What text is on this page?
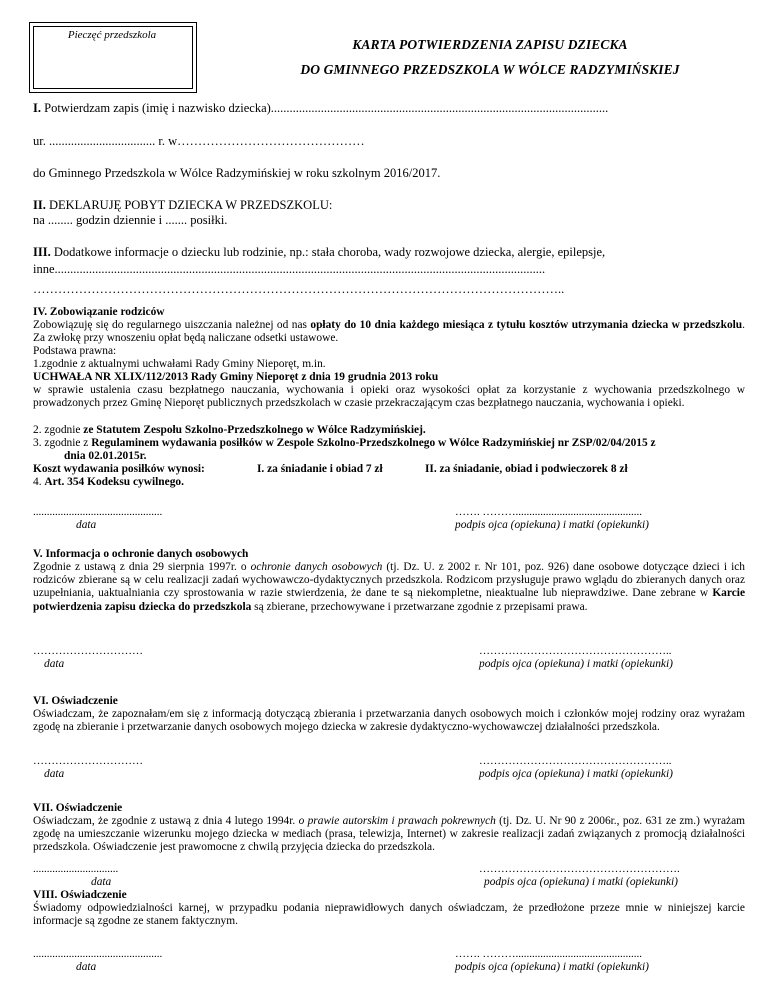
Pieczęć przedszkola
KARTA POTWIERDZENIA ZAPISU DZIECKA
DO GMINNEGO PRZEDSZKOLA W WÓLCE RADZYMIŃSKIEJ
I. Potwierdzam zapis (imię i nazwisko dziecka)............................................................................................................
ur. .................................. r. w………………………………………
do Gminnego Przedszkola w Wólce Radzymińskiej w roku szkolnym 2016/2017.
II. DEKLARUJĘ POBYT DZIECKA W PRZEDSZKOLU:
na ........ godzin dziennie i ....... posiłki.
III. Dodatkowe informacje o dziecku lub rodzinie, np.: stała choroba, wady rozwojowe dziecka, alergie, epilepsje,
inne.............................................................................................................................................................
………………………………………………………………………………………………………………..
IV. Zobowiązanie rodziców
Zobowiązuję się do regularnego uiszczania należnej od nas opłaty do 10 dnia każdego miesiąca z tytułu kosztów utrzymania dziecka w przedszkolu. Za zwłokę przy wnoszeniu opłat będą naliczane odsetki ustawowe.
Podstawa prawna:
1.zgodnie z aktualnymi uchwałami Rady Gminy Nieporęt, m.in.
UCHWAŁA NR XLIX/112/2013 Rady Gminy Nieporęt z dnia 19 grudnia 2013 roku
w sprawie ustalenia czasu bezpłatnego nauczania, wychowania i opieki oraz wysokości opłat za korzystanie z wychowania przedszkolnego w prowadzonych przez Gminę Nieporęt publicznych przedszkolach w czasie przekraczającym czas bezpłatnego nauczania, wychowania i opieki.
2. zgodnie ze Statutem Zespołu Szkolno-Przedszkolnego w Wólce Radzymińskiej.
3. zgodnie z Regulaminem wydawania posiłków w Zespole Szkolno-Przedszkolnego w Wólce Radzymińskiej nr ZSP/02/04/2015 z
dnia 02.01.2015r.
Koszt wydawania posiłków wynosi:	I. za śniadanie i obiad 7 zł	II. za śniadanie, obiad i podwieczorek 8 zł
4. Art. 354 Kodeksu cywilnego.
...............................................
data
……. ………..............................................
podpis ojca (opiekuna) i matki (opiekunki)
V. Informacja o ochronie danych osobowych
Zgodnie z ustawą z dnia 29 sierpnia 1997r. o ochronie danych osobowych (tj. Dz. U. z 2002 r. Nr 101, poz. 926) dane osobowe dotyczące dzieci i ich rodziców zbierane są w celu realizacji zadań wychowawczo-dydaktycznych przedszkola. Rodzicom przysługuje prawo wglądu do zbieranych danych oraz uzupełniania, uaktualniania czy sprostowania w razie stwierdzenia, że dane te są niekompletne, nieaktualne lub nieprawdziwe. Dane zebrane w Karcie potwierdzenia zapisu dziecka do przedszkola są zbierane, przechowywane i przetwarzane zgodnie z przepisami prawa.
…………………………
data
……………………………………………..
podpis ojca (opiekuna) i matki (opiekunki)
VI. Oświadczenie
Oświadczam, że zapoznałam/em się z informacją dotyczącą zbierania i przetwarzania danych osobowych moich i członków mojej rodziny oraz wyrażam zgodę na zbieranie i przetwarzanie danych osobowych mojego dziecka w zakresie dydaktyczno-wychowawczej działalności przedszkola.
…………………………
data
……………………………………………..
podpis ojca (opiekuna) i matki (opiekunki)
VII. Oświadczenie
Oświadczam, że zgodnie z ustawą z dnia 4 lutego 1994r. o prawie autorskim i prawach pokrewnych (tj. Dz. U. Nr 90 z 2006r., poz. 631 ze zm.) wyrażam zgodę na umieszczanie wizerunku mojego dziecka w mediach (prasa, telewizja, Internet) w zakresie realizacji zadań związanych z promocją działalności przedszkola. Oświadczenie jest prawomocne z chwilą przyjęcia dziecka do przedszkola.
...............................
data
……………………………………………….
podpis ojca (opiekuna) i matki (opiekunki)
VIII. Oświadczenie
Świadomy odpowiedzialności karnej, w przypadku podania nieprawidłowych danych oświadczam, że przedłożone przeze mnie w niniejszej karcie informacje są zgodne ze stanem faktycznym.
...............................................
data
……. ………..............................................
podpis ojca (opiekuna) i matki (opiekunki)
